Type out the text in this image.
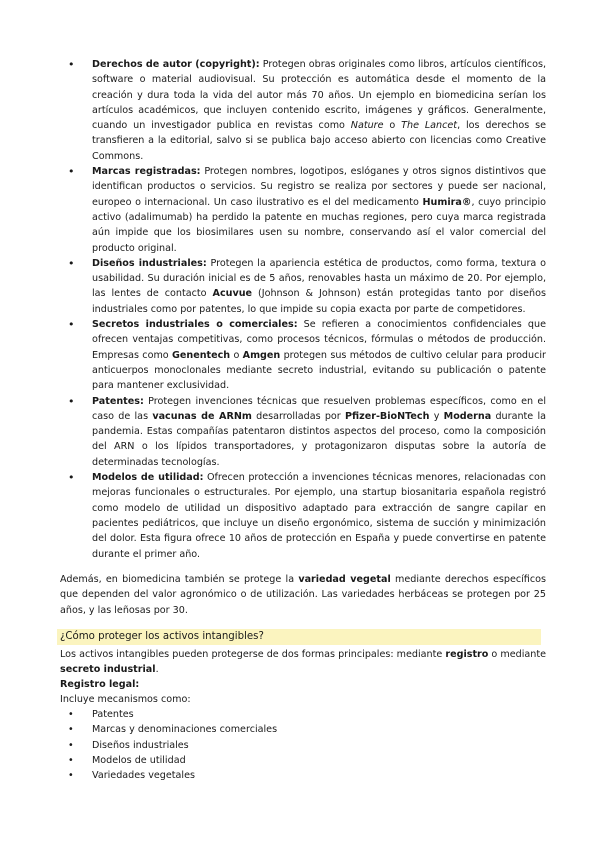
• Derechos de autor (copyright): Protegen obras originales como libros, artículos científicos, software o material audiovisual. Su protección es automática desde el momento de la creación y dura toda la vida del autor más 70 años. Un ejemplo en biomedicina serían los artículos académicos, que incluyen contenido escrito, imágenes y gráficos. Generalmente, cuando un investigador publica en revistas como Nature o The Lancet, los derechos se transfieren a la editorial, salvo si se publica bajo acceso abierto con licencias como Creative Commons.

• Marcas registradas: Protegen nombres, logotipos, eslóganes y otros signos distintivos que identifican productos o servicios. Su registro se realiza por sectores y puede ser nacional, europeo o internacional. Un caso ilustrativo es el del medicamento Humira®, cuyo principio activo (adalimumab) ha perdido la patente en muchas regiones, pero cuya marca registrada aún impide que los biosimilares usen su nombre, conservando así el valor comercial del producto original.

• Diseños industriales: Protegen la apariencia estética de productos, como forma, textura o usabilidad. Su duración inicial es de 5 años, renovables hasta un máximo de 20. Por ejemplo, las lentes de contacto Acuvue (Johnson & Johnson) están protegidas tanto por diseños industriales como por patentes, lo que impide su copia exacta por parte de competidores.

• Secretos industriales o comerciales: Se refieren a conocimientos confidenciales que ofrecen ventajas competitivas, como procesos técnicos, fórmulas o métodos de producción. Empresas como Genentech o Amgen protegen sus métodos de cultivo celular para producir anticuerpos monoclonales mediante secreto industrial, evitando su publicación o patente para mantener exclusividad.

• Patentes: Protegen invenciones técnicas que resuelven problemas específicos, como en el caso de las vacunas de ARNm desarrolladas por Pfizer-BioNTech y Moderna durante la pandemia. Estas compañías patentaron distintos aspectos del proceso, como la composición del ARN o los lípidos transportadores, y protagonizaron disputas sobre la autoría de determinadas tecnologías.

• Modelos de utilidad: Ofrecen protección a invenciones técnicas menores, relacionadas con mejoras funcionales o estructurales. Por ejemplo, una startup biosanitaria española registró como modelo de utilidad un dispositivo adaptado para extracción de sangre capilar en pacientes pediátricos, que incluye un diseño ergonómico, sistema de succión y minimización del dolor. Esta figura ofrece 10 años de protección en España y puede convertirse en patente durante el primer año.

Además, en biomedicina también se protege la variedad vegetal mediante derechos específicos que dependen del valor agronómico o de utilización. Las variedades herbáceas se protegen por 25 años, y las leñosas por 30.

¿Cómo proteger los activos intangibles?

Los activos intangibles pueden protegerse de dos formas principales: mediante registro o mediante secreto industrial.

Registro legal:
Incluye mecanismos como:
• Patentes
• Marcas y denominaciones comerciales
• Diseños industriales
• Modelos de utilidad
• Variedades vegetales
